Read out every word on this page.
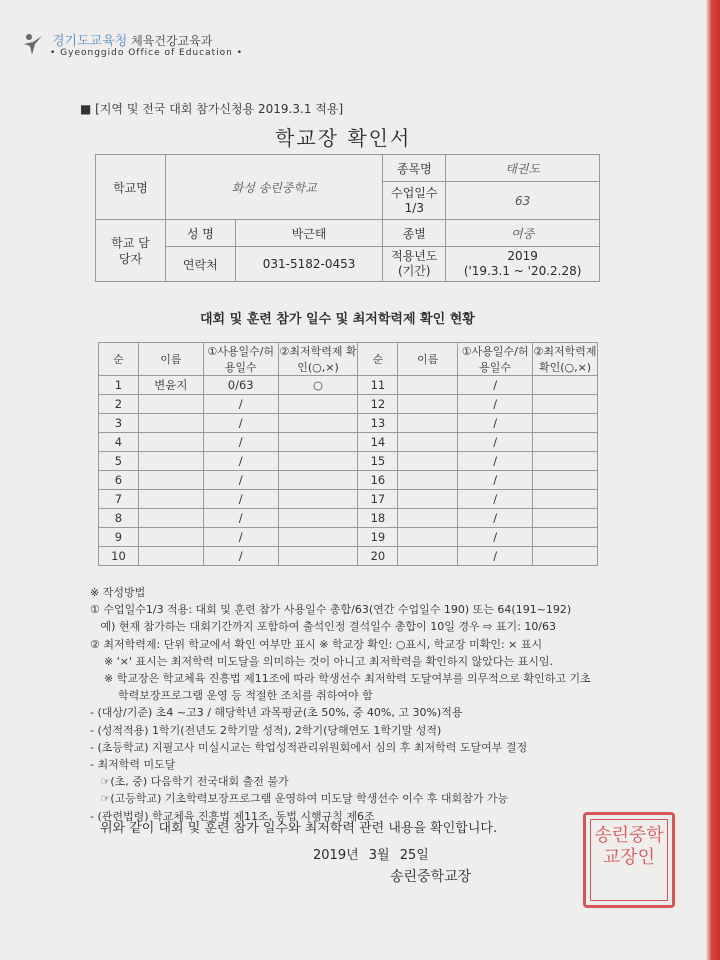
경기도교육청 체육건강교육과
• Gyeonggido Office of Education •
■ [지역 및 전국 대회 참가신청용 2019.3.1 적용]
학교장 확인서
학교명	화성 송린중학교		종목명	태권도
			수업일수 1/3	63
학교 담당자	성 명	박근태	종별	여중
	연락처	031-5182-0453	적용년도 (기간)	2019
('19.3.1 ~ '20.2.28)
대회 및 훈련 참가 일수 및 최저학력제 확인 현황
순	이름	①사용일수/허용일수	②최저학력제 확인(○,×)	순	이름	①사용일수/허용일수	②최저학력제 확인(○,×)
1	변윤지	0/63	○	11		/	
2		/		12		/	
3		/		13		/	
4		/		14		/	
5		/		15		/	
6		/		16		/	
7		/		17		/	
8		/		18		/	
9		/		19		/	
10		/		20		/	
※ 작성방법
① 수업일수1/3 적용: 대회 및 훈련 참가 사용일수 총합/63(연간 수업일수 190) 또는 64(191~192)
예) 현재 참가하는 대회기간까지 포함하여 출석인정 결석일수 총합이 10일 경우 ⇨ 표기: 10/63
② 최저학력제: 단위 학교에서 확인 여부만 표시 ※ 학교장 확인: ○표시, 학교장 미확인: × 표시
※ '×' 표시는 최저학력 미도달을 의미하는 것이 아니고 최저학력을 확인하지 않았다는 표시임.
※ 학교장은 학교체육 진흥법 제11조에 따라 학생선수 최저학력 도달여부를 의무적으로 확인하고 기초
학력보장프로그램 운영 등 적절한 조치를 취하여야 함
- (대상/기준) 초4 ~고3 / 해당학년 과목평균(초 50%, 중 40%, 고 30%)적용
- (성적적용) 1학기(전년도 2학기말 성적), 2학기(당해연도 1학기말 성적)
- (초등학교) 지필고사 미실시교는 학업성적관리위원회에서 심의 후 최저학력 도달여부 결정
- 최저학력 미도달
☞(초, 중) 다음학기 전국대회 출전 불가
☞(고등학교) 기초학력보장프로그램 운영하여 미도달 학생선수 이수 후 대회참가 가능
- (관련법령) 학교체육 진흥법 제11조, 동법 시행규칙 제6조
위와 같이 대회 및 훈련 참가 일수와 최저학력 관련 내용을 확인합니다.
2019년 3월 25일
송린중학교장
송린중학교장인
